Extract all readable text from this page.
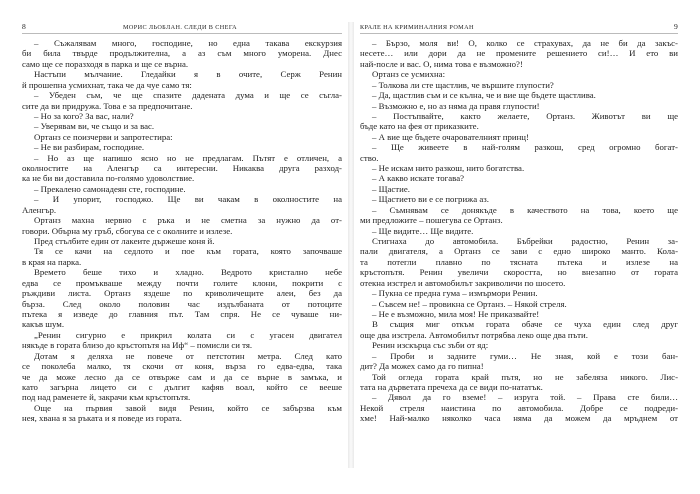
8	МОРИС ЛЬОБЛАН. СЛЕДИ В СНЕГА

– Съжалявам много, господине, но една такава екскурзия

би била твърде продължителна, а аз съм много уморена. Днес

само ще се поразходя в парка и ще се върна.

Настъпи мълчание. Гледайки я в очите, Серж Ренин

й прошепна усмихнат, така че да чуе само тя:

– Убеден съм, че ще спазите дадената дума и ще се съгла-

сите да ви придружа. Това е за предпочитане.

– Но за кого? За вас, нали?

– Уверявам ви, че също и за вас.

Ортанз се поизчерви и запротестира:

– Не ви разбирам, господине.

– Но аз ще напишо ясно но не предлагам. Пътят е отличен, а

околностите на Аленгър са интересни. Никаква друга разход-

ка не би ви доставила по-голямо удоволствие.

– Прекалено самонадеян сте, господине.

– И упорит, господжо. Ще ви чакам в околностите на

Аленгър.

Ортанз махна нервно с ръка и не сметна за нужно да от-

говори. Обърна му гръб, сбогува се с околните и излезе.

Пред стълбите един от лакеите държеше коня й.

Тя се качи на седлото и пое към гората, която започваше

в края на парка.

Времето беше тихо и хладно. Ведрото кристално небе

едва се промъкваше между почти голите клони, покрити с

ръждиви листа. Ортанз яздеше по криволичещите алеи, без да

бърза. След около половин час издълбаната от потоците

пътека я изведе до главния път. Там спря. Не се чуваше ни-

какъв шум.

„Ренин сигурно е прикрил колата си с угасен двигател

някъде в гората близо до кръстопътя на Иф“ – помисли си тя.

Дотам я деляха не повече от петстотин метра. След като

се поколеба малко, тя скочи от коня, върза го едва-едва, така

че да може лесно да се отвърже сам и да се върне в замъка, и

като загърна лицето си с дългит кафяв воал, който се вееше

под над раменете й, закрачи към кръстопътя.

Още на първия завой видя Ренин, който се забързва към

нея, хвана я за ръката и я поведе из гората.

КРАЛЕ НА КРИМИНАЛНИЯ РОМАН	9

– Бързо, моля ви! О, колко се страхувах, да не би да закъс-

несете… или дори да не промените решението си!… И ето ви

най-после и вас. О, нима това е възможно?!

Ортанз се усмихна:

– Толкова ли сте щастлив, че вършите глупости?

– Да, щастлив съм и се кълна, че и вие ще бъдете щастлива.

– Възможно е, но аз няма да правя глупости!

– Постъпвайте, както желаете, Ортанз. Животът ви ще

бъде като на фея от приказките.

– А вие ще бъдете очарователният принц!

– Ще живеете в най-голям разкош, сред огромно богат-

ство.

– Не искам нито разкош, нито богатства.

– А какво искате тогава?

– Щастие.

– Щастието ви е се погрижа аз.

– Съмнявам се донякъде в качеството на това, което ще

ми предложите – пошегува се Ортанз.

– Ще видите… Ще видите.

Стигнаха до автомобила. Бъбрейки радостно, Ренин за-

пали двигателя, а Ортанз се зави с едно широко манто. Кола-

та потегли плавно по тясната пътека и излезе на

кръстопътя. Ренин увеличи скоростта, но внезапно от гората

отекна изстрел и автомобилът закриволичи по шосето.

– Пукна се предна гума – измърмори Ренин.

– Съвсем не! – провикна се Ортанз. – Някой стреля.

– Не е възможно, мила моя! Не приказвайте!

В същия миг откъм гората обаче се чуха един след друг

още два изстрела. Автомобилът потрябва леко още два пъти.

Ренин изскърца със зъби от яд:

– Проби и задните гуми… Не зная, кой е този бан-

дит? Да можех само да го пипна!

Той огледа гората край пътя, но не забеляза никого. Лис-

тата на дърветата пречеха да се види по-нататък.

– Дявол да го вземе! – изруга той. – Права сте били…

Некой стреля наистина по автомобила. Добре се подреди-

хме! Най-малко няколко часа няма да можем да мръднем от
